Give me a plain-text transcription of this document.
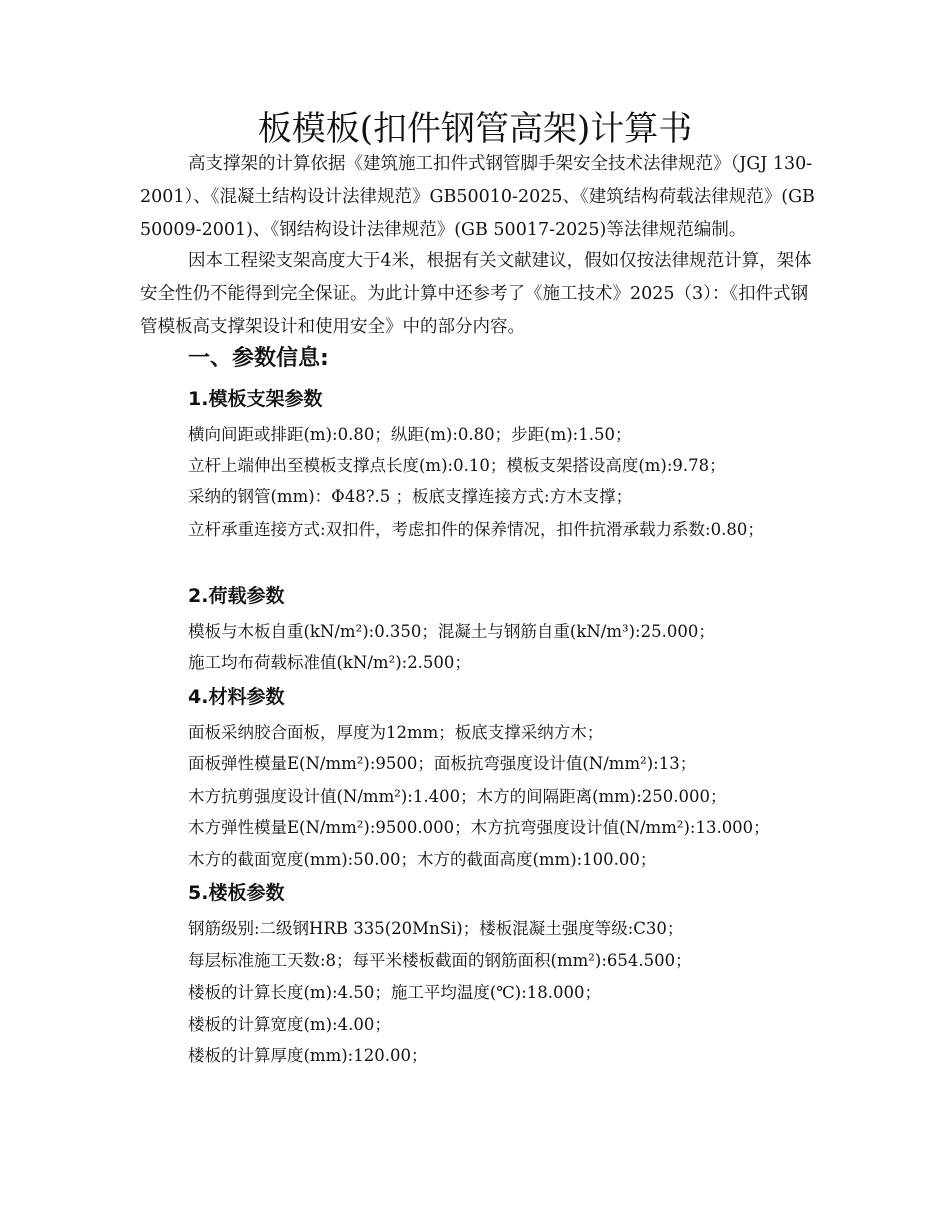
板模板(扣件钢管高架)计算书
高支撑架的计算依据《建筑施工扣件式钢管脚手架安全技术法律规范》（JGJ 130-2001）、《混凝土结构设计法律规范》GB50010-2025、《建筑结构荷载法律规范》(GB 50009-2001)、《钢结构设计法律规范》(GB 50017-2025)等法律规范编制。
因本工程梁支架高度大于4米，根据有关文献建议，假如仅按法律规范计算，架体安全性仍不能得到完全保证。为此计算中还参考了《施工技术》2025（3）：《扣件式钢管模板高支撑架设计和使用安全》中的部分内容。
一、参数信息:
1.模板支架参数
横向间距或排距(m):0.80；纵距(m):0.80；步距(m):1.50；
立杆上端伸出至模板支撑点长度(m):0.10；模板支架搭设高度(m):9.78；
采纳的钢管(mm)：Φ48?.5 ；板底支撑连接方式:方木支撑；
立杆承重连接方式:双扣件，考虑扣件的保养情况，扣件抗滑承载力系数:0.80；
2.荷载参数
模板与木板自重(kN/m²):0.350；混凝土与钢筋自重(kN/m³):25.000；
施工均布荷载标准值(kN/m²):2.500；
4.材料参数
面板采纳胶合面板，厚度为12mm；板底支撑采纳方木；
面板弹性模量E(N/mm²):9500；面板抗弯强度设计值(N/mm²):13；
木方抗剪强度设计值(N/mm²):1.400；木方的间隔距离(mm):250.000；
木方弹性模量E(N/mm²):9500.000；木方抗弯强度设计值(N/mm²):13.000；
木方的截面宽度(mm):50.00；木方的截面高度(mm):100.00；
5.楼板参数
钢筋级别:二级钢HRB 335(20MnSi)；楼板混凝土强度等级:C30；
每层标准施工天数:8；每平米楼板截面的钢筋面积(mm²):654.500；
楼板的计算长度(m):4.50；施工平均温度(℃):18.000；
楼板的计算宽度(m):4.00；
楼板的计算厚度(mm):120.00；
